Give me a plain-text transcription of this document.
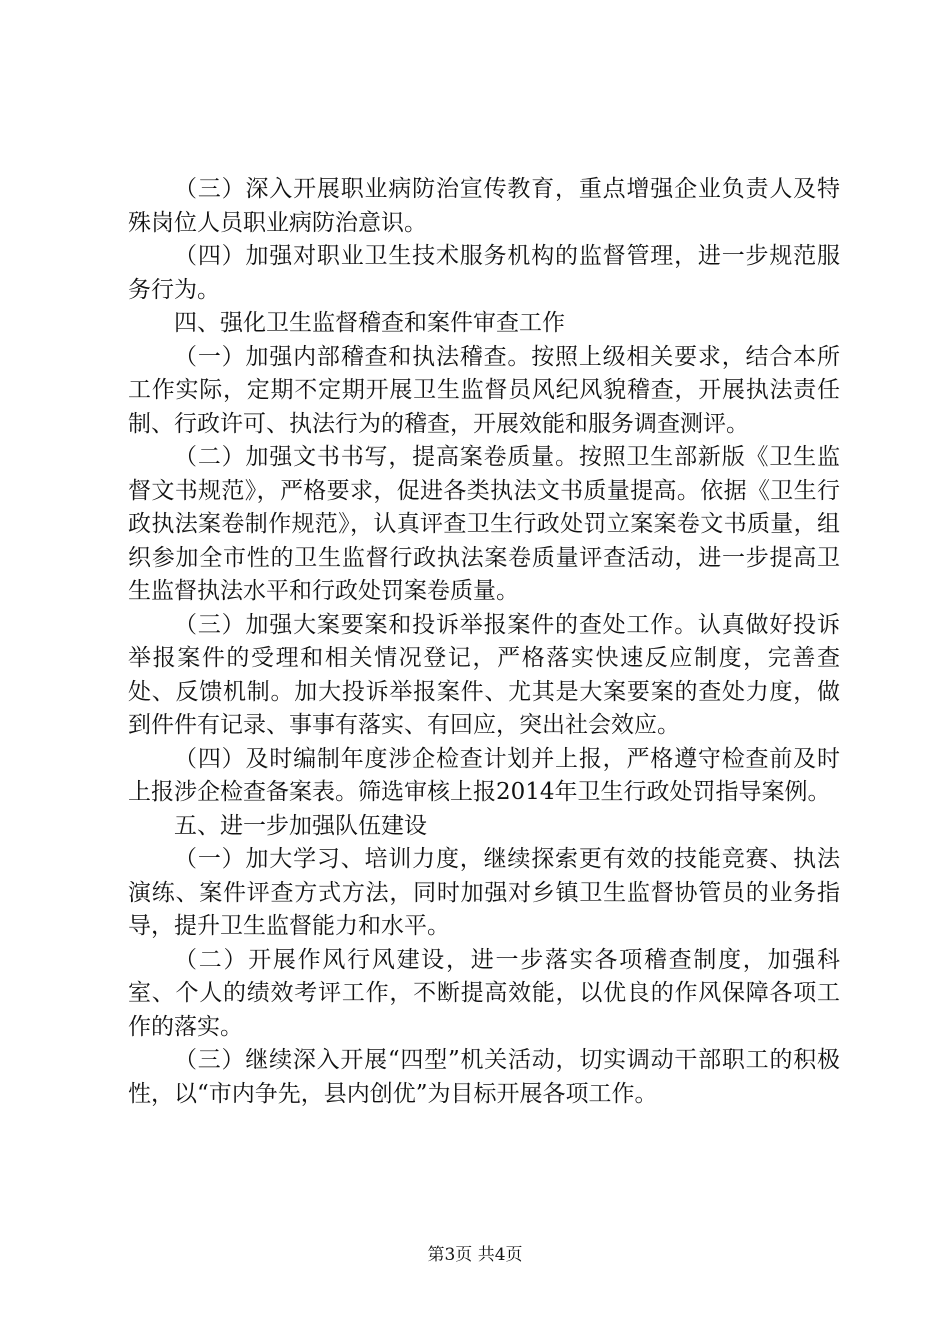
（三）深入开展职业病防治宣传教育，重点增强企业负责人及特殊岗位人员职业病防治意识。

（四）加强对职业卫生技术服务机构的监督管理，进一步规范服务行为。

四、强化卫生监督稽查和案件审查工作

（一）加强内部稽查和执法稽查。按照上级相关要求，结合本所工作实际，定期不定期开展卫生监督员风纪风貌稽查，开展执法责任制、行政许可、执法行为的稽查，开展效能和服务调查测评。

（二）加强文书书写，提高案卷质量。按照卫生部新版《卫生监督文书规范》，严格要求，促进各类执法文书质量提高。依据《卫生行政执法案卷制作规范》，认真评查卫生行政处罚立案案卷文书质量，组织参加全市性的卫生监督行政执法案卷质量评查活动，进一步提高卫生监督执法水平和行政处罚案卷质量。

（三）加强大案要案和投诉举报案件的查处工作。认真做好投诉举报案件的受理和相关情况登记，严格落实快速反应制度，完善查处、反馈机制。加大投诉举报案件、尤其是大案要案的查处力度，做到件件有记录、事事有落实、有回应，突出社会效应。

（四）及时编制年度涉企检查计划并上报，严格遵守检查前及时上报涉企检查备案表。筛选审核上报2014年卫生行政处罚指导案例。

五、进一步加强队伍建设

（一）加大学习、培训力度，继续探索更有效的技能竞赛、执法演练、案件评查方式方法，同时加强对乡镇卫生监督协管员的业务指导，提升卫生监督能力和水平。

（二）开展作风行风建设，进一步落实各项稽查制度，加强科室、个人的绩效考评工作，不断提高效能，以优良的作风保障各项工作的落实。

（三）继续深入开展“四型”机关活动，切实调动干部职工的积极性，以“市内争先，县内创优”为目标开展各项工作。

第3页 共4页
